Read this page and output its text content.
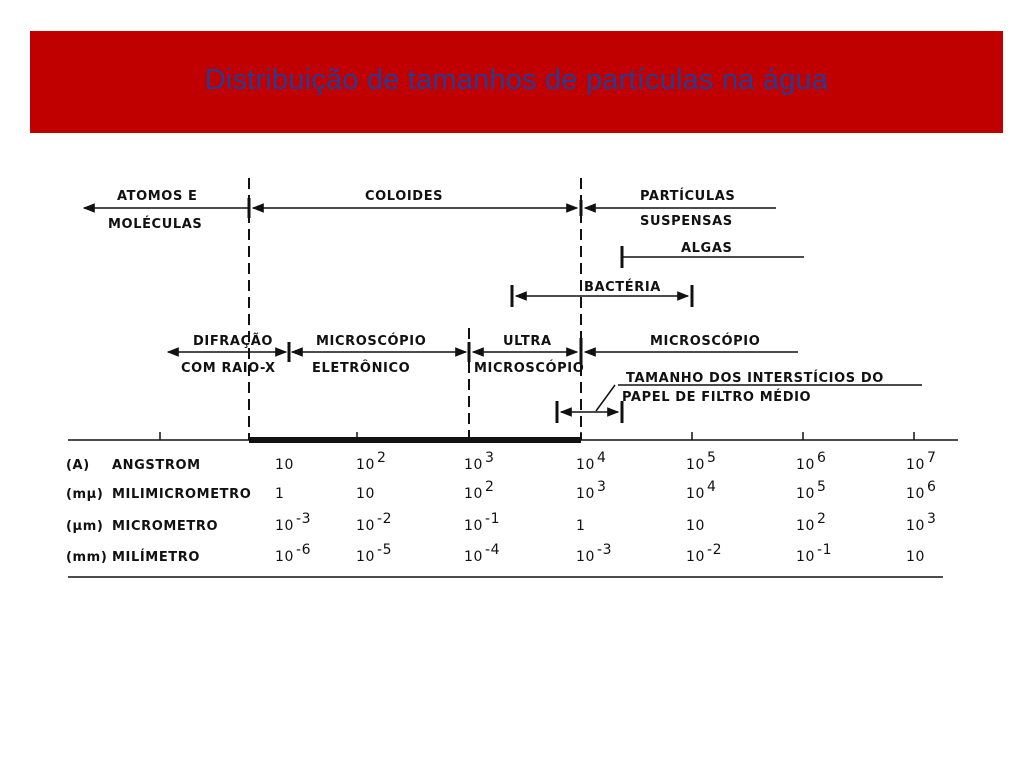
Distribuição de tamanhos de partículas na água
ATOMOS E
MOLÉCULAS
COLOIDES	PARTÍCULAS
SUSPENSAS
ALGAS
BACTÉRIA
DIFRAÇÃO
COM RAIO-X
MICROSCÓPIO
ELETRÔNICO
ULTRA
MICROSCÓPIO
MICROSCÓPIO
TAMANHO DOS INTERSTÍCIOS DO
PAPEL DE FILTRO MÉDIO
(A) ANGSTROM	10	10 2	10 3	10 4	10 5	10 6	10 7
(mμ) MILIMICROMETRO 1	10	10 2	10 3	10 4	10 5	10 6
(μm) MICROMETRO	10 -3	10 -2	10 -1	1	10	10 2	10 3
(mm) MILÍMETRO	10 -6	10 -5	10 -4	10 -3	10 -2	10 -1	10
